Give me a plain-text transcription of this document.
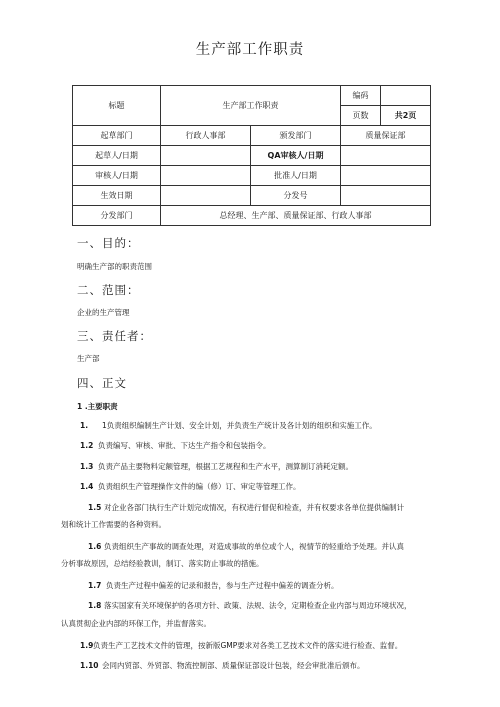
生产部工作职责
标题	生产部工作职责		编码	
			页数	共2页
起草部门	行政人事部	颁发部门	质量保证部	
起草人/日期		QA审核人/日期		
审核人/日期		批准人/日期		
生效日期		分发号		
分发部门	总经理、生产部、质量保证部、行政人事部			
一、目的：
明确生产部的职责范围
二、范围：
企业的生产管理
三、责任者：
生产部
四、正文
1 .主要职责
1. 1负责组织编制生产计划、安全计划，并负责生产统计及各计划的组织和实施工作。
1.2 负责编写、审核、审批、下达生产指令和包装指令。
1.3 负责产品主要物料定额管理，根据工艺规程和生产水平，测算制订消耗定额。
1.4 负责组织生产管理操作文件的编（修）订、审定等管理工作。
1.5 对企业各部门执行生产计划完成情况，有权进行督促和检查，并有权要求各单位提供编制计
划和统计工作需要的各种资料。
1.6 负责组织生产事故的调查处理，对造成事故的单位或个人，视情节的轻重给予处理。并认真
分析事故原因，总结经验教训，制订、落实防止事故的措施。
1.7 负责生产过程中偏差的记录和报告，参与生产过程中偏差的调查分析。
1.8 落实国家有关环境保护的各项方针、政策、法规、法令，定期检查企业内部与周边环境状况，
认真贯彻企业内部的环保工作，并监督落实。
1.9负责生产工艺技术文件的管理，按新版GMP要求对各类工艺技术文件的落实进行检查、监督。
1.10 会同内贸部、外贸部、物流控制部、质量保证部设计包装，经会审批准后颁布。
